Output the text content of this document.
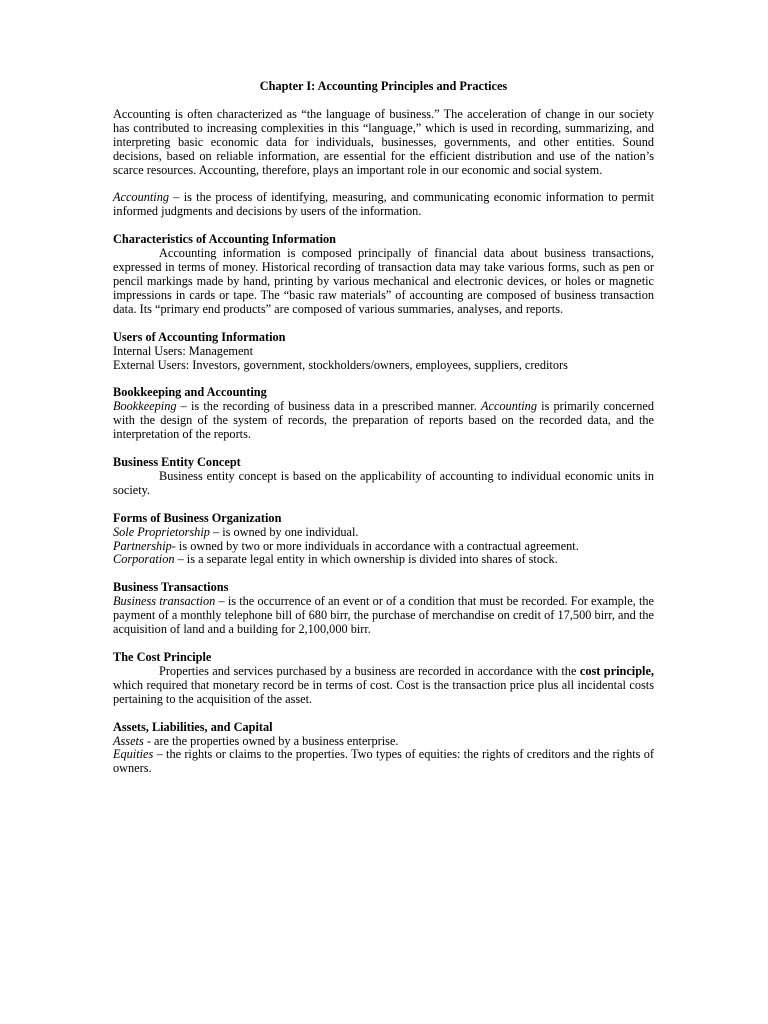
Chapter I: Accounting Principles and Practices

Accounting is often characterized as “the language of business.” The acceleration of change in our society has contributed to increasing complexities in this “language,” which is used in recording, summarizing, and interpreting basic economic data for individuals, businesses, governments, and other entities. Sound decisions, based on reliable information, are essential for the efficient distribution and use of the nation’s scarce resources. Accounting, therefore, plays an important role in our economic and social system.

Accounting – is the process of identifying, measuring, and communicating economic information to permit informed judgments and decisions by users of the information.

Characteristics of Accounting Information

Accounting information is composed principally of financial data about business transactions, expressed in terms of money. Historical recording of transaction data may take various forms, such as pen or pencil markings made by hand, printing by various mechanical and electronic devices, or holes or magnetic impressions in cards or tape. The “basic raw materials” of accounting are composed of business transaction data. Its “primary end products” are composed of various summaries, analyses, and reports.

Users of Accounting Information
Internal Users: Management
External Users: Investors, government, stockholders/owners, employees, suppliers, creditors
Bookkeeping and Accounting

Bookkeeping – is the recording of business data in a prescribed manner. Accounting is primarily concerned with the design of the system of records, the preparation of reports based on the recorded data, and the interpretation of the reports.

Business Entity Concept

Business entity concept is based on the applicability of accounting to individual economic units in society.

Forms of Business Organization
Sole Proprietorship – is owned by one individual.
Partnership- is owned by two or more individuals in accordance with a contractual agreement.
Corporation – is a separate legal entity in which ownership is divided into shares of stock.
Business Transactions

Business transaction – is the occurrence of an event or of a condition that must be recorded. For example, the payment of a monthly telephone bill of 680 birr, the purchase of merchandise on credit of 17,500 birr, and the acquisition of land and a building for 2,100,000 birr.

The Cost Principle

Properties and services purchased by a business are recorded in accordance with the cost principle, which required that monetary record be in terms of cost. Cost is the transaction price plus all incidental costs pertaining to the acquisition of the asset.

Assets, Liabilities, and Capital
Assets - are the properties owned by a business enterprise.

Equities – the rights or claims to the properties. Two types of equities: the rights of creditors and the rights of owners.
